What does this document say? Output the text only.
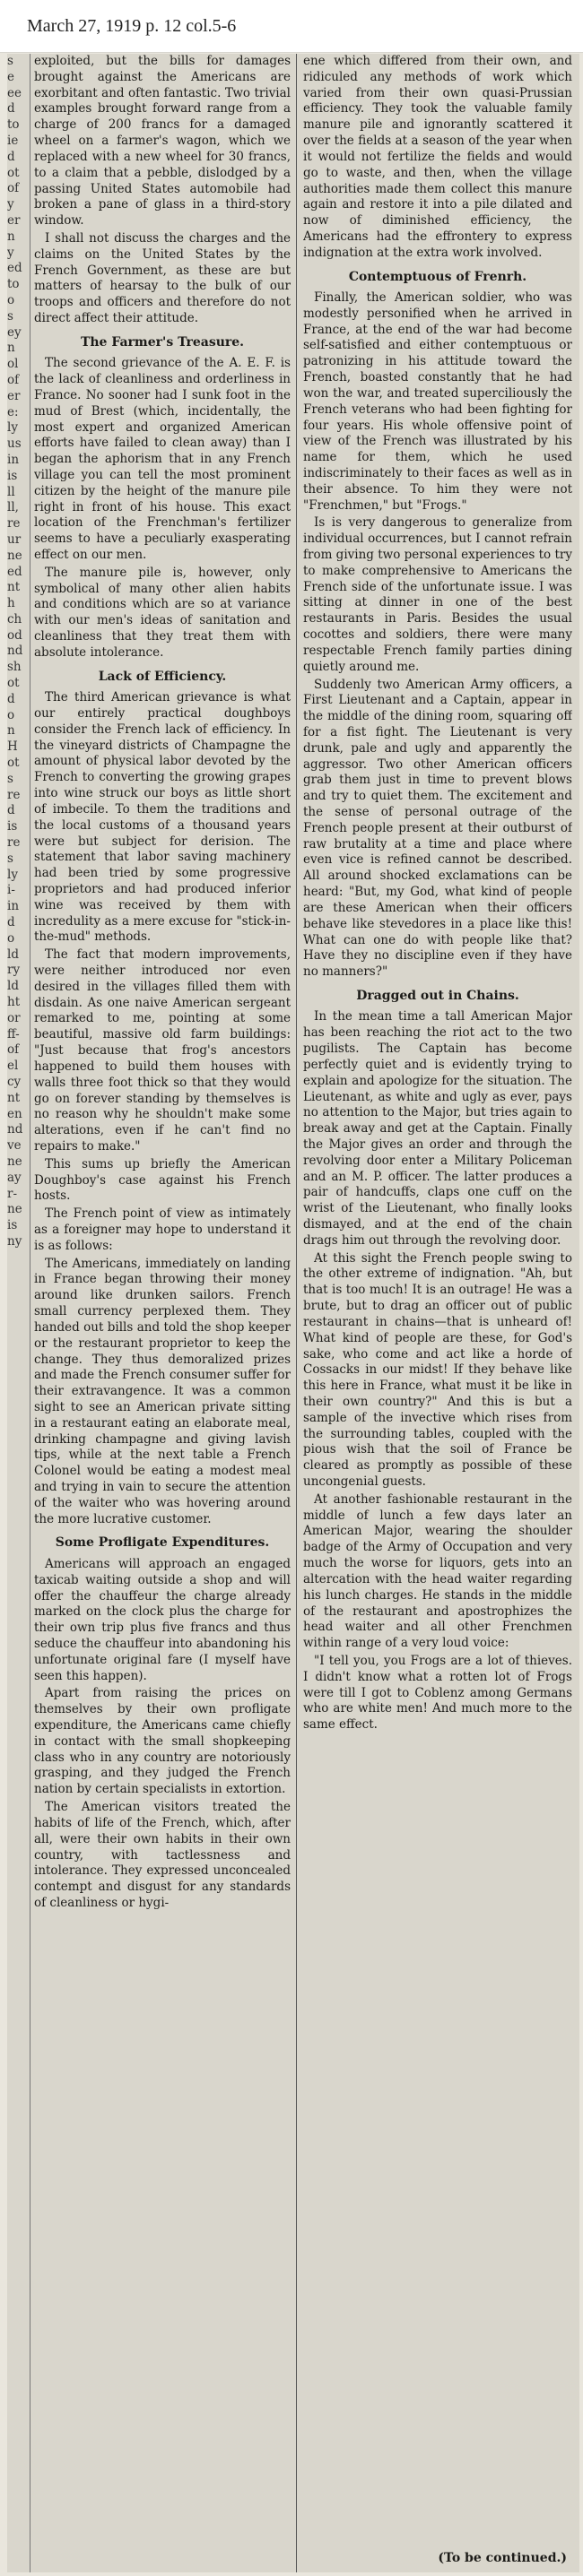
March 27, 1919 p. 12 col.5-6
s
e
ee
d
to
ie
d
ot
of
y
er
n
y
ed
to
o
s
ey
n
ol
of
er
e:
ly
us
in
is
ll
ll,
re
ur
ne
ed
nt
h
ch
od
nd
sh
ot
d
o
n
H
ot
s
re
d
is
re
s
ly
i-
in
d
o
ld
ry
ld
ht
or
ff-
of
el
cy
nt
en
nd
ve
ne
ay
r-
ne
is
ny

exploited, but the bills for damages brought against the Americans are exorbitant and often fantastic. Two trivial examples brought forward range from a charge of 200 francs for a damaged wheel on a farmer's wagon, which we replaced with a new wheel for 30 francs, to a claim that a pebble, dislodged by a passing United States automobile had broken a pane of glass in a third-story window.

I shall not discuss the charges and the claims on the United States by the French Government, as these are but matters of hearsay to the bulk of our troops and officers and therefore do not direct affect their attitude.

The Farmer's Treasure.

The second grievance of the A. E. F. is the lack of cleanliness and orderliness in France. No sooner had I sunk foot in the mud of Brest (which, incidentally, the most expert and organized American efforts have failed to clean away) than I began the aphorism that in any French village you can tell the most prominent citizen by the height of the manure pile right in front of his house. This exact location of the Frenchman's fertilizer seems to have a peculiarly exasperating effect on our men.

The manure pile is, however, only symbolical of many other alien habits and conditions which are so at variance with our men's ideas of sanitation and cleanliness that they treat them with absolute intolerance.

Lack of Efficiency.

The third American grievance is what our entirely practical doughboys consider the French lack of efficiency. In the vineyard districts of Champagne the amount of physical labor devoted by the French to converting the growing grapes into wine struck our boys as little short of imbecile. To them the traditions and the local customs of a thousand years were but subject for derision. The statement that labor saving machinery had been tried by some progressive proprietors and had produced inferior wine was received by them with incredulity as a mere excuse for "stick-in-the-mud" methods.

The fact that modern improvements, were neither introduced nor even desired in the villages filled them with disdain. As one naive American sergeant remarked to me, pointing at some beautiful, massive old farm buildings: "Just because that frog's ancestors happened to build them houses with walls three foot thick so that they would go on forever standing by themselves is no reason why he shouldn't make some alterations, even if he can't find no repairs to make."

This sums up briefly the American Doughboy's case against his French hosts.

The French point of view as intimately as a foreigner may hope to understand it is as follows:

The Americans, immediately on landing in France began throwing their money around like drunken sailors. French small currency perplexed them. They handed out bills and told the shop keeper or the restaurant proprietor to keep the change. They thus demoralized prizes and made the French consumer suffer for their extravangence. It was a common sight to see an American private sitting in a restaurant eating an elaborate meal, drinking champagne and giving lavish tips, while at the next table a French Colonel would be eating a modest meal and trying in vain to secure the attention of the waiter who was hovering around the more lucrative customer.

Some Profligate Expenditures.

Americans will approach an engaged taxicab waiting outside a shop and will offer the chauffeur the charge already marked on the clock plus the charge for their own trip plus five francs and thus seduce the chauffeur into abandoning his unfortunate original fare (I myself have seen this happen).

Apart from raising the prices on themselves by their own profligate expenditure, the Americans came chiefly in contact with the small shopkeeping class who in any country are notoriously grasping, and they judged the French nation by certain specialists in extortion.

The American visitors treated the habits of life of the French, which, after all, were their own habits in their own country, with tactlessness and intolerance. They expressed unconcealed contempt and disgust for any standards of cleanliness or hygi-

ene which differed from their own, and ridiculed any methods of work which varied from their own quasi-Prussian efficiency. They took the valuable family manure pile and ignorantly scattered it over the fields at a season of the year when it would not fertilize the fields and would go to waste, and then, when the village authorities made them collect this manure again and restore it into a pile dilated and now of diminished efficiency, the Americans had the effrontery to express indignation at the extra work involved.

Contemptuous of Frenrh.

Finally, the American soldier, who was modestly personified when he arrived in France, at the end of the war had become self-satisfied and either contemptuous or patronizing in his attitude toward the French, boasted constantly that he had won the war, and treated superciliously the French veterans who had been fighting for four years. His whole offensive point of view of the French was illustrated by his name for them, which he used indiscriminately to their faces as well as in their absence. To him they were not "Frenchmen," but "Frogs."

Is is very dangerous to generalize from individual occurrences, but I cannot refrain from giving two personal experiences to try to make comprehensive to Americans the French side of the unfortunate issue. I was sitting at dinner in one of the best restaurants in Paris. Besides the usual cocottes and soldiers, there were many respectable French family parties dining quietly around me.

Suddenly two American Army officers, a First Lieutenant and a Captain, appear in the middle of the dining room, squaring off for a fist fight. The Lieutenant is very drunk, pale and ugly and apparently the aggressor. Two other American officers grab them just in time to prevent blows and try to quiet them. The excitement and the sense of personal outrage of the French people present at their outburst of raw brutality at a time and place where even vice is refined cannot be described. All around shocked exclamations can be heard: "But, my God, what kind of people are these American when their officers behave like stevedores in a place like this! What can one do with people like that? Have they no discipline even if they have no manners?"

Dragged out in Chains.

In the mean time a tall American Major has been reaching the riot act to the two pugilists. The Captain has become perfectly quiet and is evidently trying to explain and apologize for the situation. The Lieutenant, as white and ugly as ever, pays no attention to the Major, but tries again to break away and get at the Captain. Finally the Major gives an order and through the revolving door enter a Military Policeman and an M. P. officer. The latter produces a pair of handcuffs, claps one cuff on the wrist of the Lieutenant, who finally looks dismayed, and at the end of the chain drags him out through the revolving door.

At this sight the French people swing to the other extreme of indignation. "Ah, but that is too much! It is an outrage! He was a brute, but to drag an officer out of public restaurant in chains—that is unheard of! What kind of people are these, for God's sake, who come and act like a horde of Cossacks in our midst! If they behave like this here in France, what must it be like in their own country?" And this is but a sample of the invective which rises from the surrounding tables, coupled with the pious wish that the soil of France be cleared as promptly as possible of these uncongenial guests.

At another fashionable restaurant in the middle of lunch a few days later an American Major, wearing the shoulder badge of the Army of Occupation and very much the worse for liquors, gets into an altercation with the head waiter regarding his lunch charges. He stands in the middle of the restaurant and apostrophizes the head waiter and all other Frenchmen within range of a very loud voice:

"I tell you, you Frogs are a lot of thieves. I didn't know what a rotten lot of Frogs were till I got to Coblenz among Germans who are white men! And much more to the same effect.

(To be continued.)
